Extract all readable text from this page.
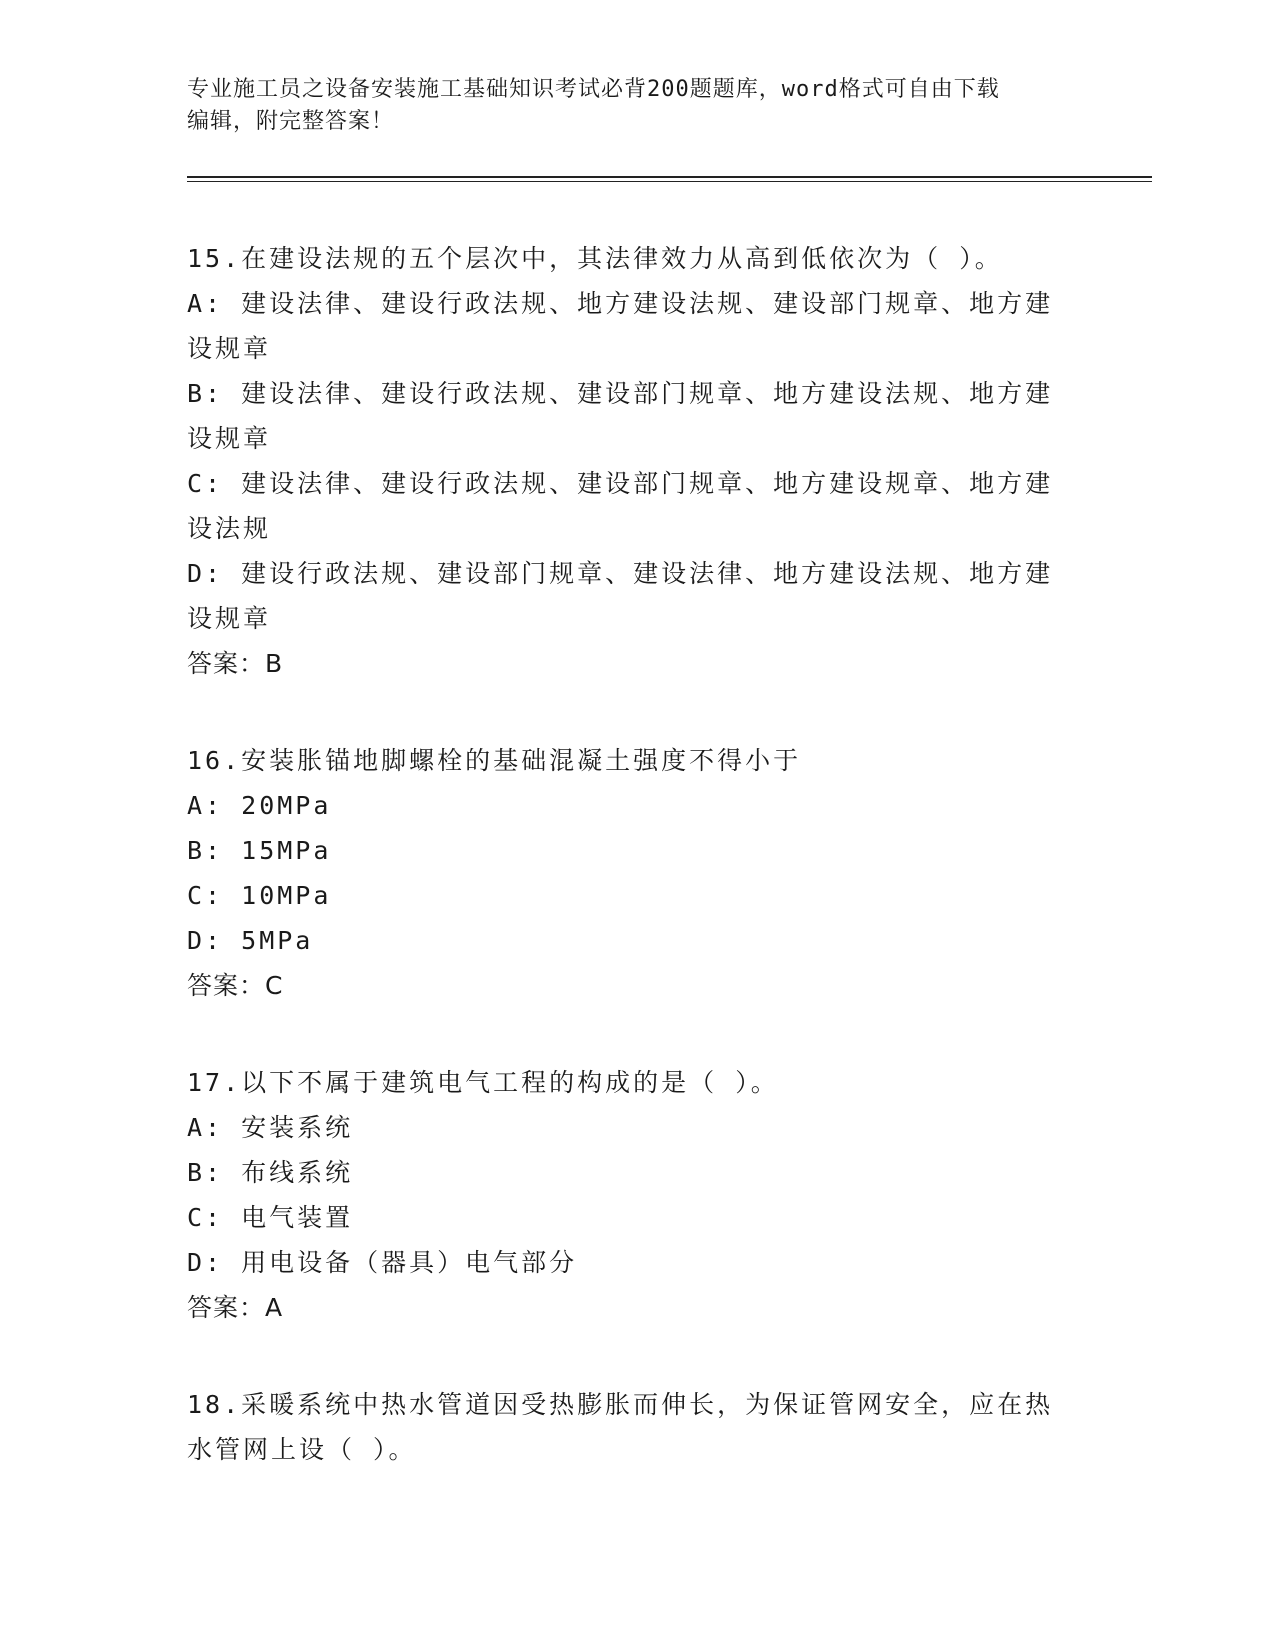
专业施工员之设备安装施工基础知识考试必背200题题库，word格式可自由下载
编辑，附完整答案！
15.在建设法规的五个层次中，其法律效力从高到低依次为（ ）。
A: 建设法律、建设行政法规、地方建设法规、建设部门规章、地方建设规章
B: 建设法律、建设行政法规、建设部门规章、地方建设法规、地方建设规章
C: 建设法律、建设行政法规、建设部门规章、地方建设规章、地方建设法规
D: 建设行政法规、建设部门规章、建设法律、地方建设法规、地方建设规章
答案：B
16.安装胀锚地脚螺栓的基础混凝土强度不得小于
A: 20MPa
B: 15MPa
C: 10MPa
D: 5MPa
答案：C
17.以下不属于建筑电气工程的构成的是（ ）。
A: 安装系统
B: 布线系统
C: 电气装置
D: 用电设备（器具）电气部分
答案：A
18.采暖系统中热水管道因受热膨胀而伸长，为保证管网安全，应在热水管网上设（ ）。
